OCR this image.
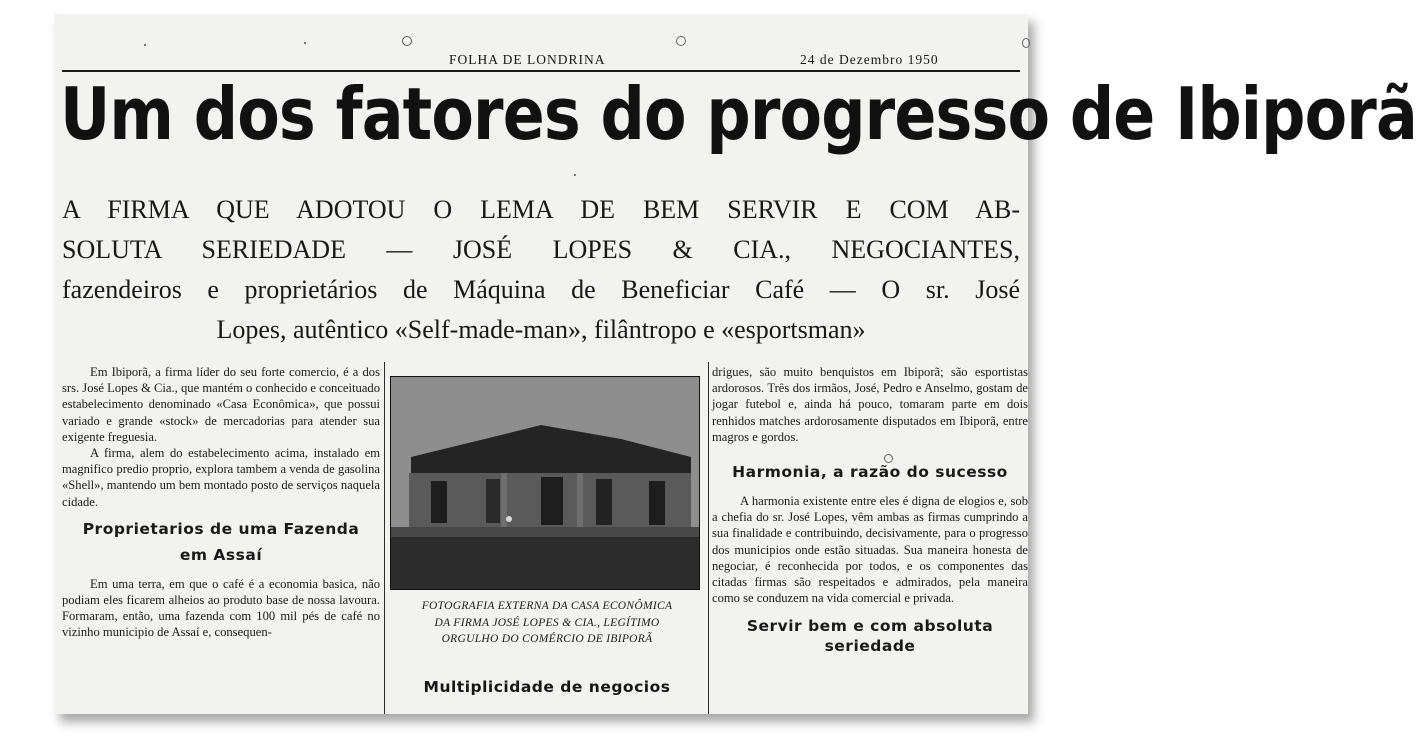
FOLHA DE LONDRINA	24 de Dezembro 1950
Um dos fatores do progresso de Ibiporã
A FIRMA QUE ADOTOU O LEMA DE BEM SERVIR E COM AB-
SOLUTA SERIEDADE — JOSÉ LOPES & CIA., NEGOCIANTES,
fazendeiros e proprietários de Máquina de Beneficiar Café — O sr. José
Lopes, autêntico «Self-made-man», filântropo e «esportsman»

Em Ibiporã, a firma líder do seu forte comercio, é a dos srs. José Lopes & Cia., que mantém o conhecido e conceituado estabelecimento denominado «Casa Econômica», que possui variado e grande «stock» de mercadorias para atender sua exigente freguesia.

A firma, alem do estabelecimento acima, instalado em magnifico predio proprio, explora tambem a venda de gasolina «Shell», mantendo um bem montado posto de serviços naquela cidade.

Proprietarios de uma Fazenda
em Assaí

Em uma terra, em que o café é a economia basica, não podiam eles ficarem alheios ao produto base de nossa lavoura. Formaram, então, uma fazenda com 100 mil pés de café no vizinho municipio de Assaí e, consequen-

FOTOGRAFIA EXTERNA DA CASA ECONÔMICA
DA FIRMA JOSÉ LOPES & CIA., LEGÍTIMO
ORGULHO DO COMÉRCIO DE IBIPORÃ
Multiplicidade de negocios

drigues, são muito benquistos em Ibiporã; são esportistas ardorosos. Três dos irmãos, José, Pedro e Anselmo, gostam de jogar futebol e, ainda há pouco, tomaram parte em dois renhidos matches ardorosamente disputados em Ibiporã, entre magros e gordos.

Harmonia, a razão do sucesso

A harmonia existente entre eles é digna de elogios e, sob a chefia do sr. José Lopes, vêm ambas as firmas cumprindo a sua finalidade e contribuindo, decisivamente, para o progresso dos municipios onde estão situadas. Sua maneira honesta de negociar, é reconhecida por todos, e os componentes das citadas firmas são respeitados e admirados, pela maneira como se conduzem na vida comercial e privada.

Servir bem e com absoluta
seriedade
